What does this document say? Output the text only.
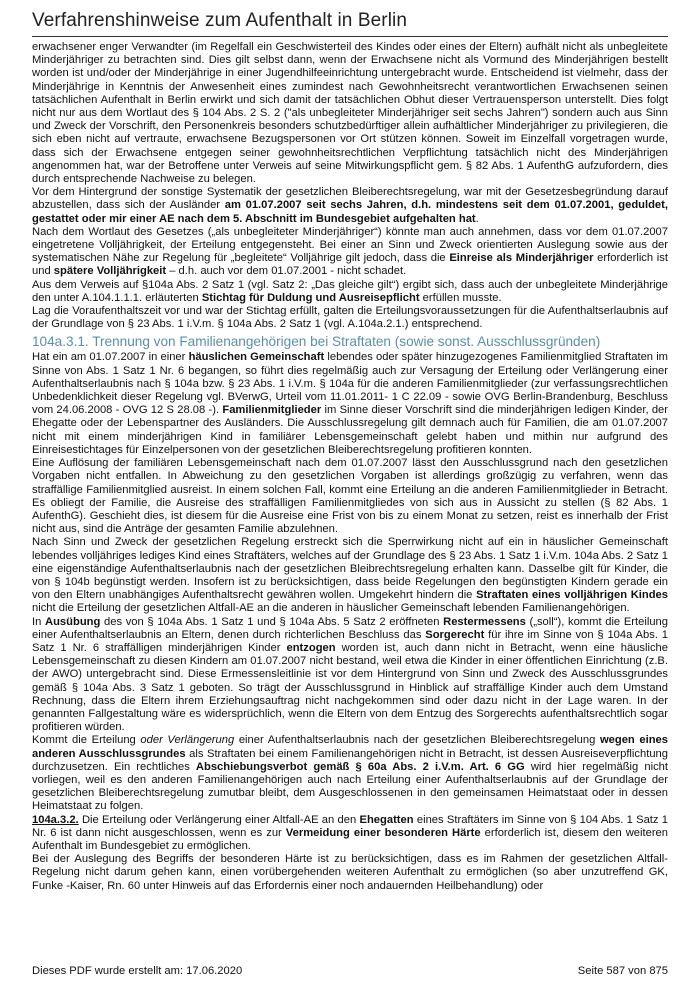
Verfahrenshinweise zum Aufenthalt in Berlin

erwachsener enger Verwandter (im Regelfall ein Geschwisterteil des Kindes oder eines der Eltern) aufhält nicht als unbegleitete Minderjähriger zu betrachten sind. Dies gilt selbst dann, wenn der Erwachsene nicht als Vormund des Minderjährigen bestellt worden ist und/oder der Minderjährige in einer Jugendhilfeeinrichtung untergebracht wurde. Entscheidend ist vielmehr, dass der Minderjährige in Kenntnis der Anwesenheit eines zumindest nach Gewohnheitsrecht verantwortlichen Erwachsenen seinen tatsächlichen Aufenthalt in Berlin erwirkt und sich damit der tatsächlichen Obhut dieser Vertrauensperson unterstellt. Dies folgt nicht nur aus dem Wortlaut des § 104 Abs. 2 S. 2 ("als unbegleiteter Minderjähriger seit sechs Jahren") sondern auch aus Sinn und Zweck der Vorschrift, den Personenkreis besonders schutzbedürftiger allein aufhältlicher Minderjähriger zu privilegieren, die sich eben nicht auf vertraute, erwachsene Bezugspersonen vor Ort stützen können. Soweit im Einzelfall vorgetragen wurde, dass sich der Erwachsene entgegen seiner gewohnheitsrechtlichen Verpflichtung tatsächlich nicht des Minderjährigen angenommen hat, war der Betroffene unter Verweis auf seine Mitwirkungspflicht gem. § 82 Abs. 1 AufenthG aufzufordern, dies durch entsprechende Nachweise zu belegen.

Vor dem Hintergrund der sonstige Systematik der gesetzlichen Bleiberechtsregelung, war mit der Gesetzesbegründung darauf abzustellen, dass sich der Ausländer am 01.07.2007 seit sechs Jahren, d.h. mindestens seit dem 01.07.2001, geduldet, gestattet oder mir einer AE nach dem 5. Abschnitt im Bundesgebiet aufgehalten hat.

Nach dem Wortlaut des Gesetzes („als unbegleiteter Minderjähriger“) könnte man auch annehmen, dass vor dem 01.07.2007 eingetretene Volljährigkeit, der Erteilung entgegensteht. Bei einer an Sinn und Zweck orientierten Auslegung sowie aus der systematischen Nähe zur Regelung für „begleitete“ Volljährige gilt jedoch, dass die Einreise als Minderjähriger erforderlich ist und spätere Volljährigkeit – d.h. auch vor dem 01.07.2001 - nicht schadet.

Aus dem Verweis auf §104a Abs. 2 Satz 1 (vgl. Satz 2: „Das gleiche gilt“) ergibt sich, dass auch der unbegleitete Minderjährige den unter A.104.1.1.1. erläuterten Stichtag für Duldung und Ausreisepflicht erfüllen musste.

Lag die Voraufenthaltszeit vor und war der Stichtag erfüllt, galten die Erteilungsvoraussetzungen für die Aufenthaltserlaubnis auf der Grundlage von § 23 Abs. 1 i.V.m. § 104a Abs. 2 Satz 1 (vgl. A.104a.2.1.) entsprechend.

104a.3.1. Trennung von Familienangehörigen bei Straftaten (sowie sonst. Ausschlussgründen)

Hat ein am 01.07.2007 in einer häuslichen Gemeinschaft lebendes oder später hinzugezogenes Familienmitglied Straftaten im Sinne von Abs. 1 Satz 1 Nr. 6 begangen, so führt dies regelmäßig auch zur Versagung der Erteilung oder Verlängerung einer Aufenthaltserlaubnis nach § 104a bzw. § 23 Abs. 1 i.V.m. § 104a für die anderen Familienmitglieder (zur verfassungsrechtlichen Unbedenklichkeit dieser Regelung vgl. BVerwG, Urteil vom 11.01.2011- 1 C 22.09 - sowie OVG Berlin-Brandenburg, Beschluss vom 24.06.2008 - OVG 12 S 28.08 -). Familienmitglieder im Sinne dieser Vorschrift sind die minderjährigen ledigen Kinder, der Ehegatte oder der Lebenspartner des Ausländers. Die Ausschlussregelung gilt demnach auch für Familien, die am 01.07.2007 nicht mit einem minderjährigen Kind in familiärer Lebensgemeinschaft gelebt haben und mithin nur aufgrund des Einreisestichtages für Einzelpersonen von der gesetzlichen Bleiberechtsregelung profitieren konnten.

Eine Auflösung der familiären Lebensgemeinschaft nach dem 01.07.2007 lässt den Ausschlussgrund nach den gesetzlichen Vorgaben nicht entfallen. In Abweichung zu den gesetzlichen Vorgaben ist allerdings großzügig zu verfahren, wenn das straffällige Familienmitglied ausreist. In einem solchen Fall, kommt eine Erteilung an die anderen Familienmitglieder in Betracht. Es obliegt der Familie, die Ausreise des straffälligen Familienmitgliedes von sich aus in Aussicht zu stellen (§ 82 Abs. 1 AufenthG). Geschieht dies, ist diesem für die Ausreise eine Frist von bis zu einem Monat zu setzen, reist es innerhalb der Frist nicht aus, sind die Anträge der gesamten Familie abzulehnen.

Nach Sinn und Zweck der gesetzlichen Regelung erstreckt sich die Sperrwirkung nicht auf ein in häuslicher Gemeinschaft lebendes volljähriges lediges Kind eines Straftäters, welches auf der Grundlage des § 23 Abs. 1 Satz 1 i.V.m. 104a Abs. 2 Satz 1 eine eigenständige Aufenthaltserlaubnis nach der gesetzlichen Bleibrechtsregelung erhalten kann. Dasselbe gilt für Kinder, die von § 104b begünstigt werden. Insofern ist zu berücksichtigen, dass beide Regelungen den begünstigten Kindern gerade ein von den Eltern unabhängiges Aufenthaltsrecht gewähren wollen. Umgekehrt hindern die Straftaten eines volljährigen Kindes nicht die Erteilung der gesetzlichen Altfall-AE an die anderen in häuslicher Gemeinschaft lebenden Familienangehörigen.

In Ausübung des von § 104a Abs. 1 Satz 1 und § 104a Abs. 5 Satz 2 eröffneten Restermessens („soll“), kommt die Erteilung einer Aufenthaltserlaubnis an Eltern, denen durch richterlichen Beschluss das Sorgerecht für ihre im Sinne von § 104a Abs. 1 Satz 1 Nr. 6 straffälligen minderjährigen Kinder entzogen worden ist, auch dann nicht in Betracht, wenn eine häusliche Lebensgemeinschaft zu diesen Kindern am 01.07.2007 nicht bestand, weil etwa die Kinder in einer öffentlichen Einrichtung (z.B. der AWO) untergebracht sind. Diese Ermessensleitlinie ist vor dem Hintergrund von Sinn und Zweck des Ausschlussgrundes gemäß § 104a Abs. 3 Satz 1 geboten. So trägt der Ausschlussgrund in Hinblick auf straffällige Kinder auch dem Umstand Rechnung, dass die Eltern ihrem Erziehungsauftrag nicht nachgekommen sind oder dazu nicht in der Lage waren. In der genannten Fallgestaltung wäre es widersprüchlich, wenn die Eltern von dem Entzug des Sorgerechts aufenthaltsrechtlich sogar profitieren würden.

Kommt die Erteilung oder Verlängerung einer Aufenthaltserlaubnis nach der gesetzlichen Bleiberechtsregelung wegen eines anderen Ausschlussgrundes als Straftaten bei einem Familienangehörigen nicht in Betracht, ist dessen Ausreiseverpflichtung durchzusetzen. Ein rechtliches Abschiebungsverbot gemäß § 60a Abs. 2 i.V.m. Art. 6 GG wird hier regelmäßig nicht vorliegen, weil es den anderen Familienangehörigen auch nach Erteilung einer Aufenthaltserlaubnis auf der Grundlage der gesetzlichen Bleiberechtsregelung zumutbar bleibt, dem Ausgeschlossenen in den gemeinsamen Heimatstaat oder in dessen Heimatstaat zu folgen.

104a.3.2. Die Erteilung oder Verlängerung einer Altfall-AE an den Ehegatten eines Straftäters im Sinne von § 104 Abs. 1 Satz 1 Nr. 6 ist dann nicht ausgeschlossen, wenn es zur Vermeidung einer besonderen Härte erforderlich ist, diesem den weiteren Aufenthalt im Bundesgebiet zu ermöglichen.

Bei der Auslegung des Begriffs der besonderen Härte ist zu berücksichtigen, dass es im Rahmen der gesetzlichen Altfall-Regelung nicht darum gehen kann, einen vorübergehenden weiteren Aufenthalt zu ermöglichen (so aber unzutreffend GK, Funke -Kaiser, Rn. 60 unter Hinweis auf das Erfordernis einer noch andauernden Heilbehandlung) oder

Dieses PDF wurde erstellt am: 17.06.2020	Seite 587 von 875
